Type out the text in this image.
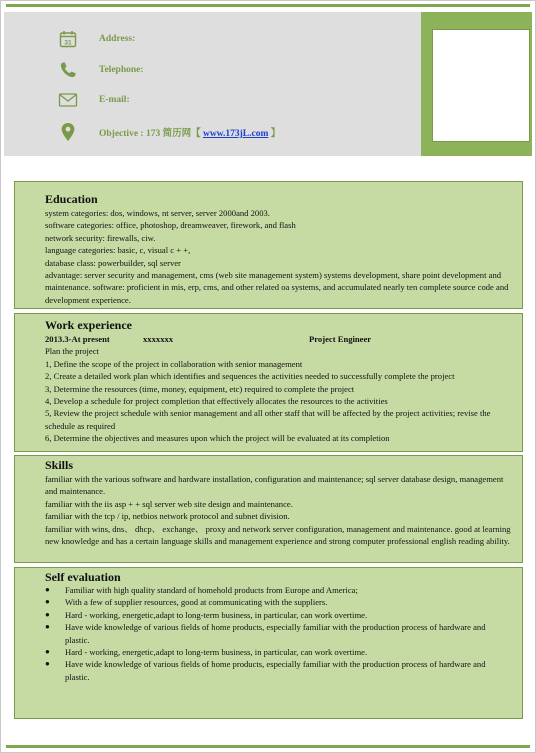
31	Address:
Telephone:
E-mail:
Objective : 173 简历网【 www.173jL.com 】
Education

system categories: dos, windows, nt server, server 2000and 2003.

software categories: office, photoshop, dreamweaver, firework, and flash

network security: firewalls, ciw.

language categories: basic, c, visual c + +,

database class: powerbuilder, sql server

advantage: server security and management, cms (web site management system) systems development, share point development and maintenance. software: proficient in mis, erp, cms, and other related oa systems, and accumulated nearly ten complete source code and development experience.

Work experience
2013.3-At present	xxxxxxx	Project Engineer

Plan the project

1, Define the scope of the project in collaboration with senior management

2, Create a detailed work plan which identifies and sequences the activities needed to successfully complete the project

3, Determine the resources (time, money, equipment, etc) required to complete the project

4, Develop a schedule for project completion that effectively allocates the resources to the activities

5, Review the project schedule with senior management and all other staff that will be affected by the project activities; revise the schedule as required

6, Determine the objectives and measures upon which the project will be evaluated at its completion

Skills

familiar with the various software and hardware installation, configuration and maintenance; sql server database design, management and maintenance.

familiar with the iis asp + + sql server web site design and maintenance.

familiar with the tcp / ip, netbios network protocol and subnet division.

familiar with wins, dns、 dhcp、 exchange、 proxy and network server configuration, management and maintenance. good at learning new knowledge and has a certain language skills and management experience and strong computer professional english reading ability.

Self evaluation
● Familiar with high quality standard of homehold products from Europe and America;
● With a few of supplier resources, good at communicating with the suppliers.
● Hard - working, energetic,adapt to long-term business, in particular, can work overtime.
● Have wide knowledge of various fields of home products, especially familiar with the production process of hardware and plastic.
● Hard - working, energetic,adapt to long-term business, in particular, can work overtime.
● Have wide knowledge of various fields of home products, especially familiar with the production process of hardware and plastic.
